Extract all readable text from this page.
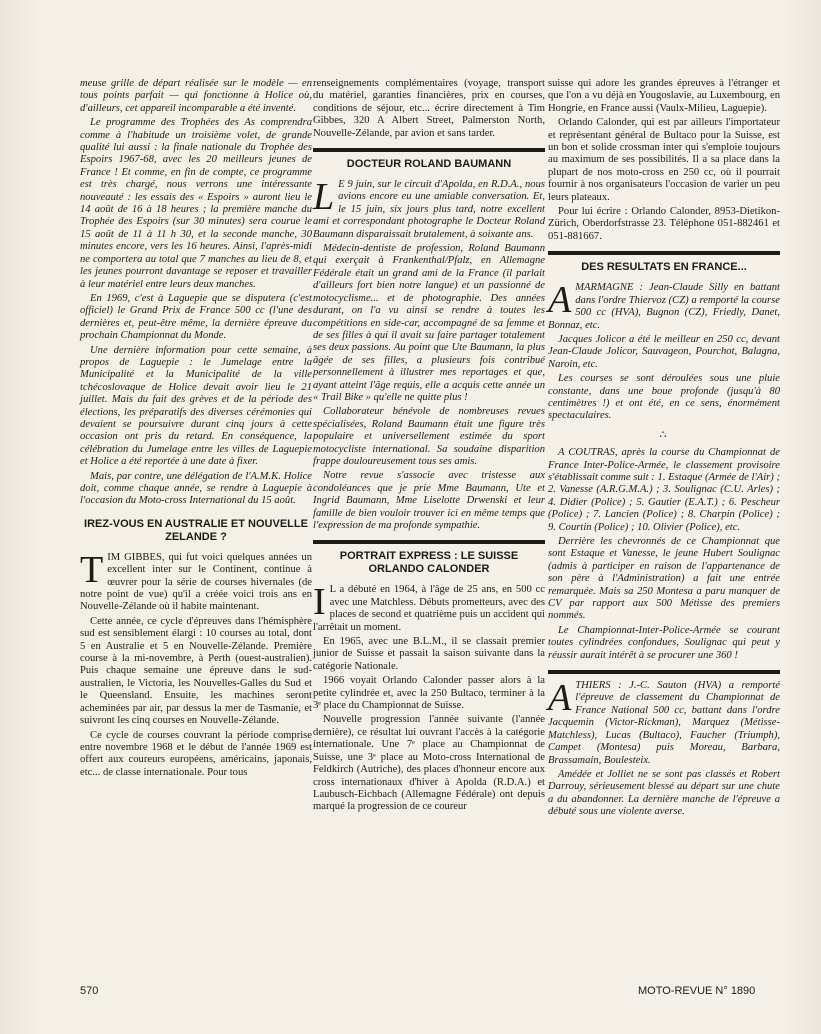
meuse grille de départ réalisée sur le modèle — en tous points parfait — qui fonctionne à Holice où, d'ailleurs, cet appareil incomparable a été inventé.

Le programme des Trophées des As comprendra comme à l'habitude un troisième volet, de grande qualité lui aussi : la finale nationale du Trophée des Espoirs 1967-68, avec les 20 meilleurs jeunes de France ! Et comme, en fin de compte, ce programme est très chargé, nous verrons une intéressante nouveauté : les essais des « Espoirs » auront lieu le 14 août de 16 à 18 heures ; la première manche du Trophée des Espoirs (sur 30 minutes) sera courue le 15 août de 11 à 11 h 30, et la seconde manche, 30 minutes encore, vers les 16 heures. Ainsi, l'après-midi ne comportera au total que 7 manches au lieu de 8, et les jeunes pourront davantage se reposer et travailler à leur matériel entre leurs deux manches.

En 1969, c'est à Laguepie que se disputera (c'est officiel) le Grand Prix de France 500 cc (l'une des dernières et, peut-être même, la dernière épreuve du prochain Championnat du Monde.

Une dernière information pour cette semaine, à propos de Laguepie : le Jumelage entre la Municipalité et la Municipalité de la ville tchécoslovaque de Holice devait avoir lieu le 21 juillet. Mais du fait des grèves et de la période des élections, les préparatifs des diverses cérémonies qui devaient se poursuivre durant cinq jours à cette occasion ont pris du retard. En conséquence, la célébration du Jumelage entre les villes de Laguepie et Holice a été reportée à une date à fixer.

Mais, par contre, une délégation de l'A.M.K. Holice doit, comme chaque année, se rendre à Laguepie à l'occasion du Moto-cross International du 15 août.

IREZ-VOUS EN AUSTRALIE ET NOUVELLE ZELANDE ?

TIM GIBBES, qui fut voici quelques années un excellent inter sur le Continent, continue à œuvrer pour la série de courses hivernales (de notre point de vue) qu'il a créée voici trois ans en Nouvelle-Zélande où il habite maintenant.

Cette année, ce cycle d'épreuves dans l'hémisphère sud est sensiblement élargi : 10 courses au total, dont 5 en Australie et 5 en Nouvelle-Zélande. Première course à la mi-novembre, à Perth (ouest-australien). Puis chaque semaine une épreuve dans le sud-australien, le Victoria, les Nouvelles-Galles du Sud et le Queensland. Ensuite, les machines seront acheminées par air, par dessus la mer de Tasmanie, et suivront les cinq courses en Nouvelle-Zélande.

Ce cycle de courses couvrant la période comprise entre novembre 1968 et le début de l'année 1969 est offert aux coureurs européens, américains, japonais, etc... de classe internationale. Pour tous

renseignements complémentaires (voyage, transport du matériel, garanties financières, prix en courses, conditions de séjour, etc... écrire directement à Tim Gibbes, 320 A Albert Street, Palmerston North, Nouvelle-Zélande, par avion et sans tarder.

DOCTEUR ROLAND BAUMANN

L E 9 juin, sur le circuit d'Apolda, en R.D.A., nous avions encore eu une amiable conversation. Et, le 15 juin, six jours plus tard, notre excellent ami et correspondant photographe le Docteur Roland Baumann disparaissait brutalement, à soixante ans.

Médecin-dentiste de profession, Roland Baumann qui exerçait à Frankenthal/Pfalz, en Allemagne Fédérale était un grand ami de la France (il parlait d'ailleurs fort bien notre langue) et un passionné de motocyclisme... et de photographie. Des années durant, on l'a vu ainsi se rendre à toutes les compétitions en side-car, accompagné de sa femme et de ses filles à qui il avait su faire partager totalement ses deux passions. Au point que Ute Baumann, la plus âgée de ses filles, a plusieurs fois contribué personnellement à illustrer mes reportages et que, ayant atteint l'âge requis, elle a acquis cette année un « Trail Bike » qu'elle ne quitte plus !

Collaborateur bénévole de nombreuses revues spécialisées, Roland Baumann était une figure très populaire et universellement estimée du sport motocycliste international. Sa soudaine disparition frappe douloureusement tous ses amis.

Notre revue s'associe avec tristesse aux condoléances que je prie Mme Baumann, Ute et Ingrid Baumann, Mme Liselotte Drwenski et leur famille de bien vouloir trouver ici en même temps que l'expression de ma profonde sympathie.

PORTRAIT EXPRESS : LE SUISSE ORLANDO CALONDER

I L a débuté en 1964, à l'âge de 25 ans, en 500 cc avec une Matchless. Débuts prometteurs, avec des places de second et quatrième puis un accident qui l'arrêtait un moment.

En 1965, avec une B.L.M., il se classait premier junior de Suisse et passait la saison suivante dans la catégorie Nationale.

1966 voyait Orlando Calonder passer alors à la petite cylindrée et, avec la 250 Bultaco, terminer à la 3ᵉ place du Championnat de Suisse.

Nouvelle progression l'année suivante (l'année dernière), ce résultat lui ouvrant l'accès à la catégorie internationale. Une 7ᵉ place au Championnat de Suisse, une 3ᵉ place au Moto-cross International de Feldkirch (Autriche), des places d'honneur encore aux cross internationaux d'hiver à Apolda (R.D.A.) et Laubusch-Eichbach (Allemagne Fédérale) ont depuis marqué la progression de ce coureur

suisse qui adore les grandes épreuves à l'étranger et que l'on a vu déjà en Yougoslavie, au Luxembourg, en Hongrie, en France aussi (Vaulx-Milieu, Laguepie).

Orlando Calonder, qui est par ailleurs l'importateur et représentant général de Bultaco pour la Suisse, est un bon et solide crossman inter qui s'emploie toujours au maximum de ses possibilités. Il a sa place dans la plupart de nos moto-cross en 250 cc, où il pourrait fournir à nos organisateurs l'occasion de varier un peu leurs plateaux.

Pour lui écrire : Orlando Calonder, 8953-Dietikon-Zürich, Oberdorfstrasse 23. Téléphone 051-882461 et 051-881667.

DES RESULTATS EN FRANCE...

AMARMAGNE : Jean-Claude Silly en battant dans l'ordre Thiervoz (CZ) a remporté la course 500 cc (HVA), Bugnon (CZ), Friedly, Danet, Bonnaz, etc.

Jacques Jolicor a été le meilleur en 250 cc, devant Jean-Claude Jolicor, Sauvageon, Pourchot, Balagna, Naroin, etc.

Les courses se sont déroulées sous une pluie constante, dans une boue profonde (jusqu'à 80 centimètres !) et ont été, en ce sens, énormément spectaculaires.

∴

A COUTRAS, après la course du Championnat de France Inter-Police-Armée, le classement provisoire s'établissait comme suit : 1. Estaque (Armée de l'Air) ; 2. Vanesse (A.R.G.M.A.) ; 3. Soulignac (C.U. Arles) ; 4. Didier (Police) ; 5. Gautier (E.A.T.) ; 6. Pescheur (Police) ; 7. Lancien (Police) ; 8. Charpin (Police) ; 9. Courtin (Police) ; 10. Olivier (Police), etc.

Derrière les chevronnés de ce Championnat que sont Estaque et Vanesse, le jeune Hubert Soulignac (admis à participer en raison de l'appartenance de son père à l'Administration) a fait une entrée remarquée. Mais sa 250 Montesa a paru manquer de CV par rapport aux 500 Métisse des premiers nommés.

Le Championnat-Inter-Police-Armée se courant toutes cylindrées confondues, Soulignac qui peut y réussir aurait intérêt à se procurer une 360 !

ATHIERS : J.-C. Sauton (HVA) a remporté l'épreuve de classement du Championnat de France National 500 cc, battant dans l'ordre Jacquemin (Victor-Rickman), Marquez (Métisse-Matchless), Lucas (Bultaco), Faucher (Triumph), Campet (Montesa) puis Moreau, Barbara, Brassamain, Boulesteix.

Amédée et Jolliet ne se sont pas classés et Robert Darrouy, sérieusement blessé au départ sur une chute a du abandonner. La dernière manche de l'épreuve a débuté sous une violente averse.

570	MOTO-REVUE N° 1890
